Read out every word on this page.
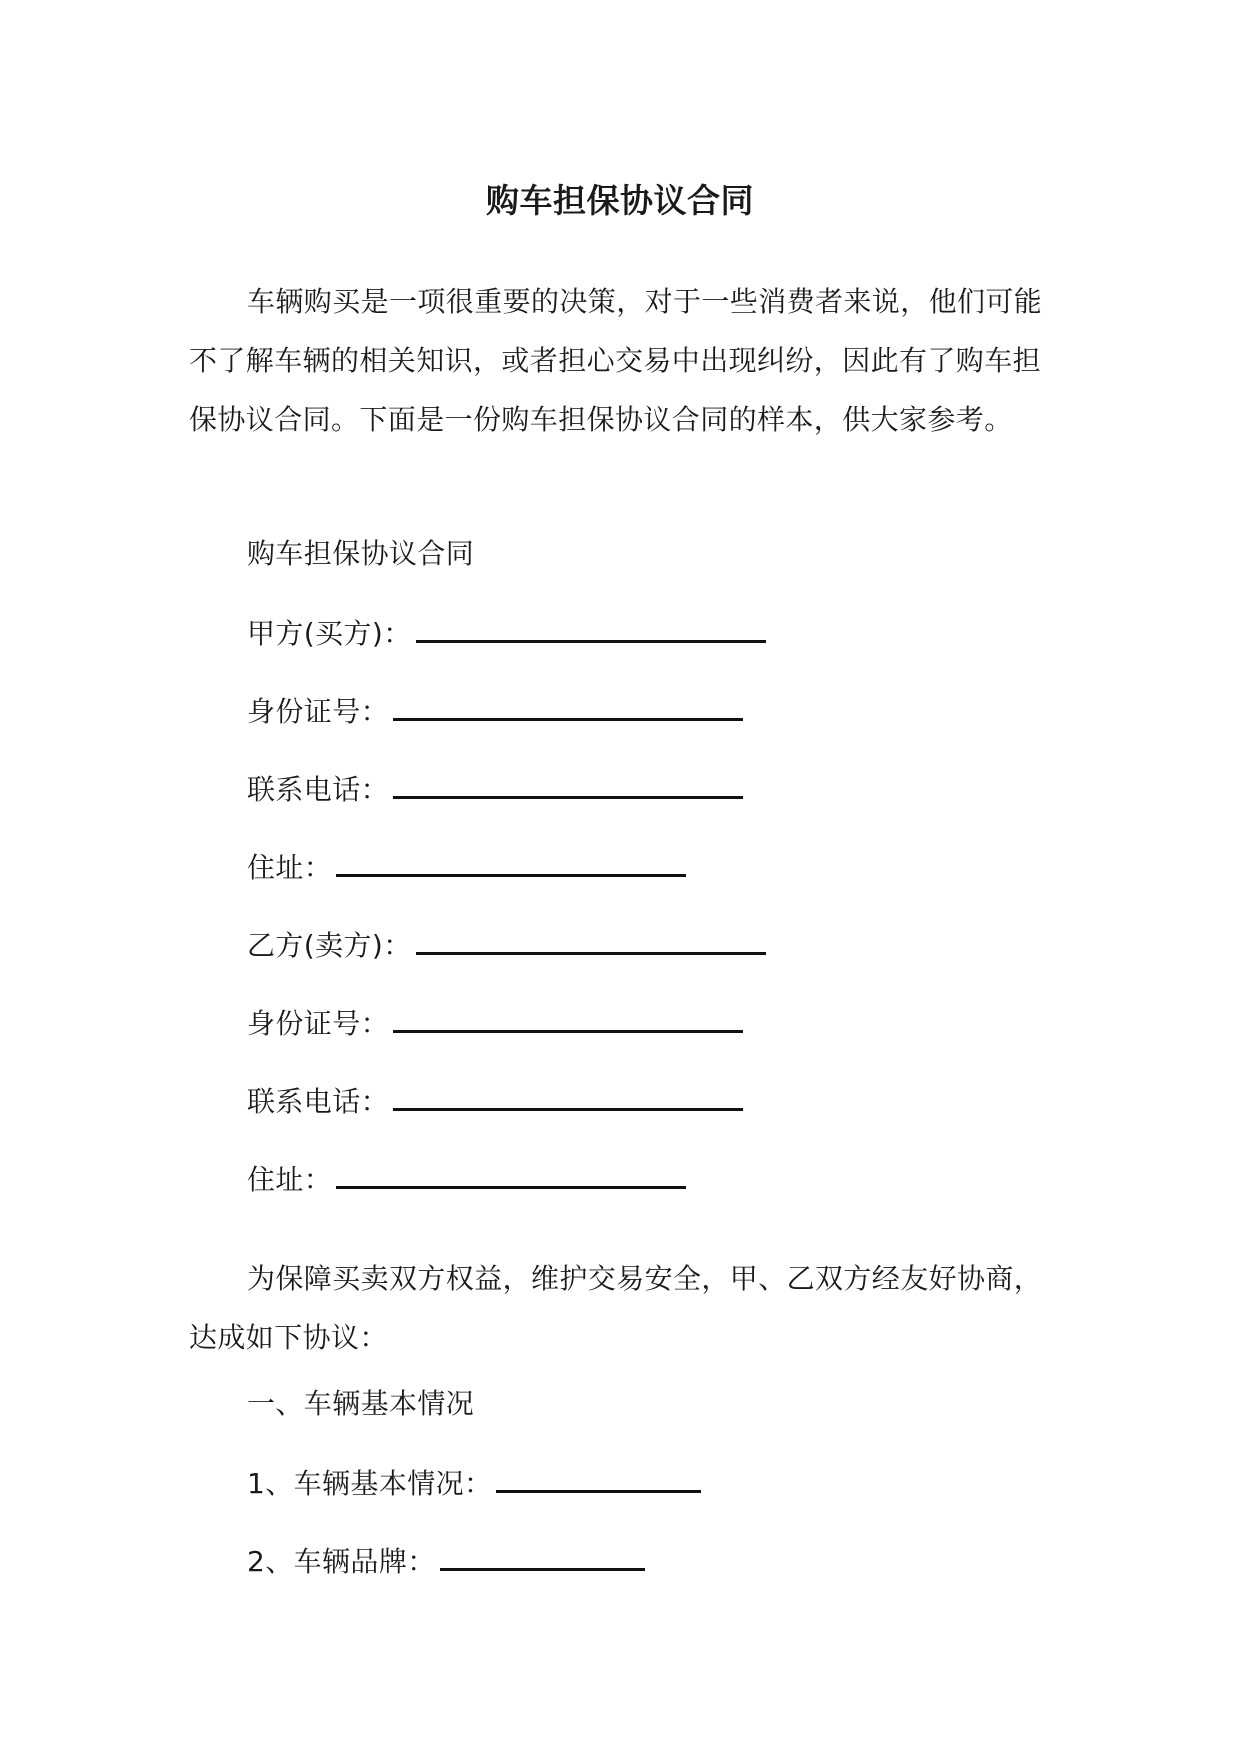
购车担保协议合同

车辆购买是一项很重要的决策，对于一些消费者来说，他们可能不了解车辆的相关知识，或者担心交易中出现纠纷，因此有了购车担保协议合同。下面是一份购车担保协议合同的样本，供大家参考。

购车担保协议合同
甲方(买方)：
身份证号：
联系电话：
住址：
乙方(卖方)：
身份证号：
联系电话：
住址：

为保障买卖双方权益，维护交易安全，甲、乙双方经友好协商，达成如下协议：

一、车辆基本情况
1、车辆基本情况：
2、车辆品牌：
